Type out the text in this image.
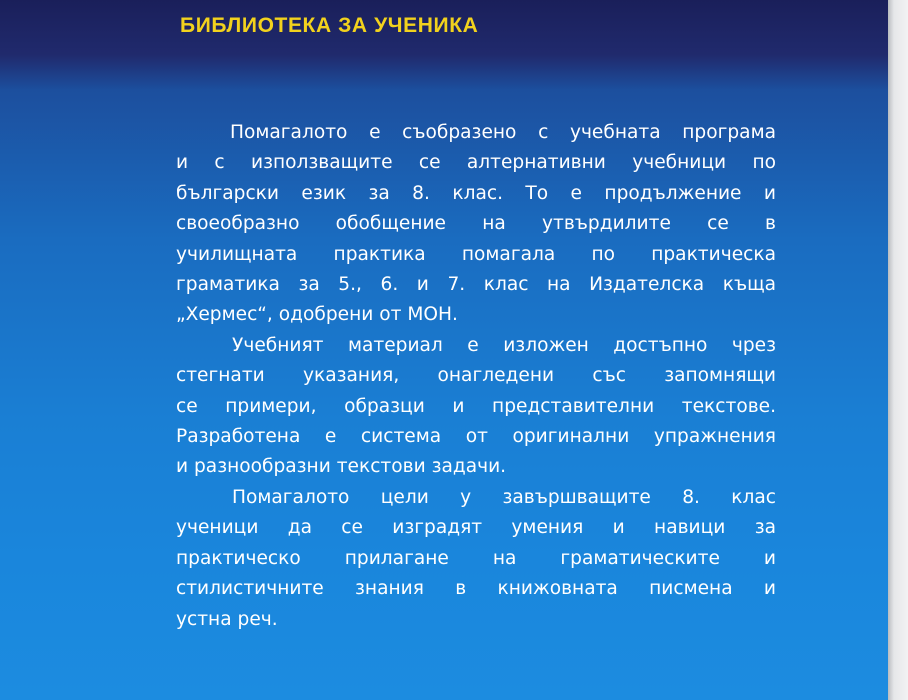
БИБЛИОТЕКА ЗА УЧЕНИКА
Помагалото е съобразено с учебната програма
и с използващите се алтернативни учебници по
български език за 8. клас. То е продължение и
своеобразно обобщение на утвърдилите се в
училищната практика помагала по практическа
граматика за 5., 6. и 7. клас на Издателска къща
„Хермес“, одобрени от МОН.
Учебният материал е изложен достъпно чрез
стегнати указания, онагледени със запомнящи
се примери, образци и представителни текстове.
Разработена е система от оригинални упражнения
и разнообразни текстови задачи.
Помагалото цели у завършващите 8. клас
ученици да се изградят умения и навици за
практическо прилагане на граматическите и
стилистичните знания в книжовната писмена и
устна реч.
